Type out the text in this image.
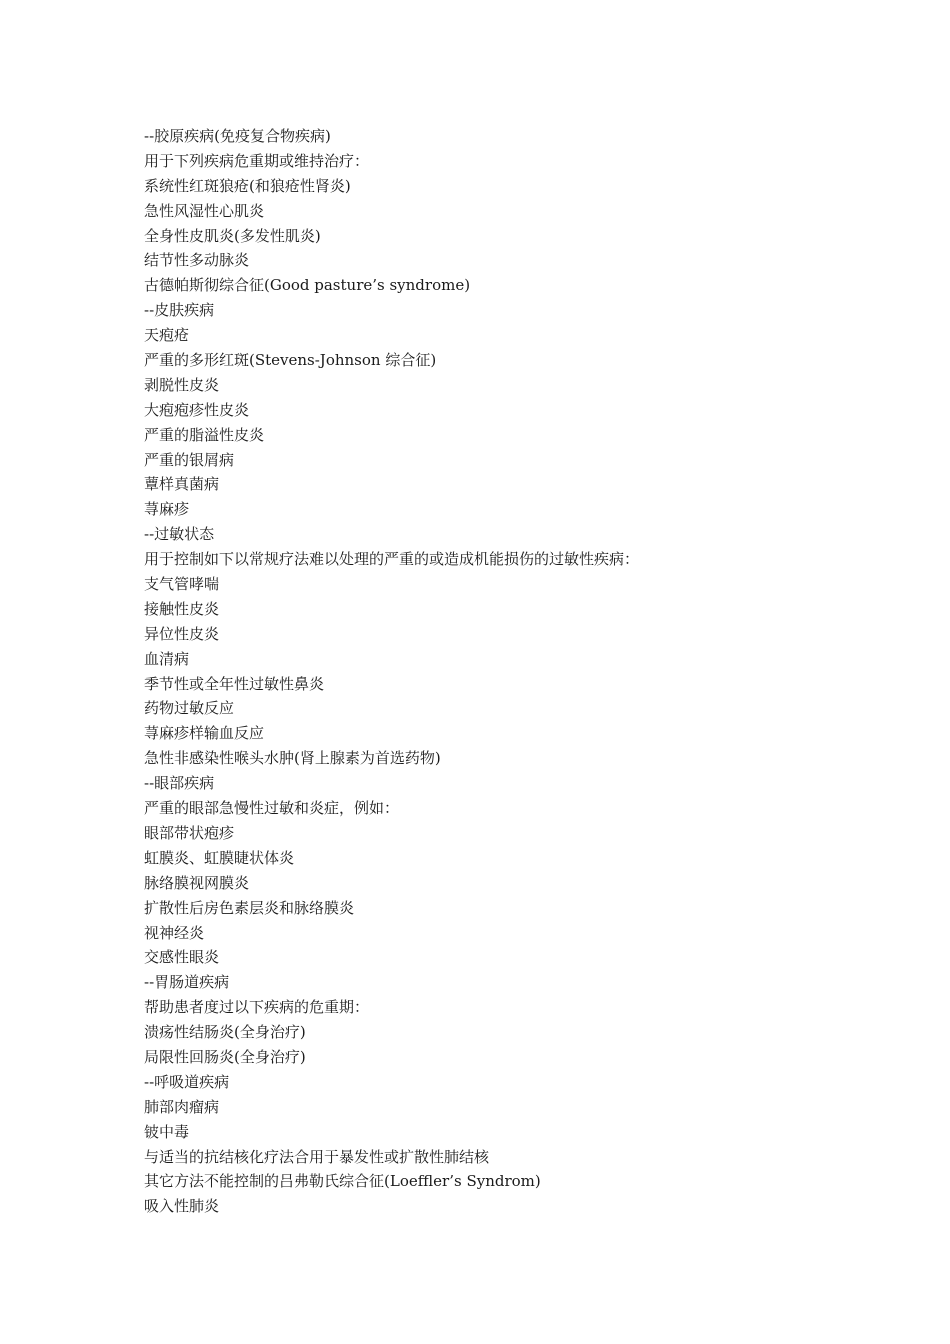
--胶原疾病(免疫复合物疾病)
用于下列疾病危重期或维持治疗：
系统性红斑狼疮(和狼疮性肾炎)
急性风湿性心肌炎
全身性皮肌炎(多发性肌炎)
结节性多动脉炎
古德帕斯彻综合征(Good pasture’s syndrome)
--皮肤疾病
天疱疮
严重的多形红斑(Stevens-Johnson 综合征)
剥脱性皮炎
大疱疱疹性皮炎
严重的脂溢性皮炎
严重的银屑病
蕈样真菌病
荨麻疹
--过敏状态
用于控制如下以常规疗法难以处理的严重的或造成机能损伤的过敏性疾病：
支气管哮喘
接触性皮炎
异位性皮炎
血清病
季节性或全年性过敏性鼻炎
药物过敏反应
荨麻疹样输血反应
急性非感染性喉头水肿(肾上腺素为首选药物)
--眼部疾病
严重的眼部急慢性过敏和炎症，例如：
眼部带状疱疹
虹膜炎、虹膜睫状体炎
脉络膜视网膜炎
扩散性后房色素层炎和脉络膜炎
视神经炎
交感性眼炎
--胃肠道疾病
帮助患者度过以下疾病的危重期：
溃疡性结肠炎(全身治疗)
局限性回肠炎(全身治疗)
--呼吸道疾病
肺部肉瘤病
铍中毒
与适当的抗结核化疗法合用于暴发性或扩散性肺结核
其它方法不能控制的吕弗勒氏综合征(Loeffler’s Syndrom)
吸入性肺炎
